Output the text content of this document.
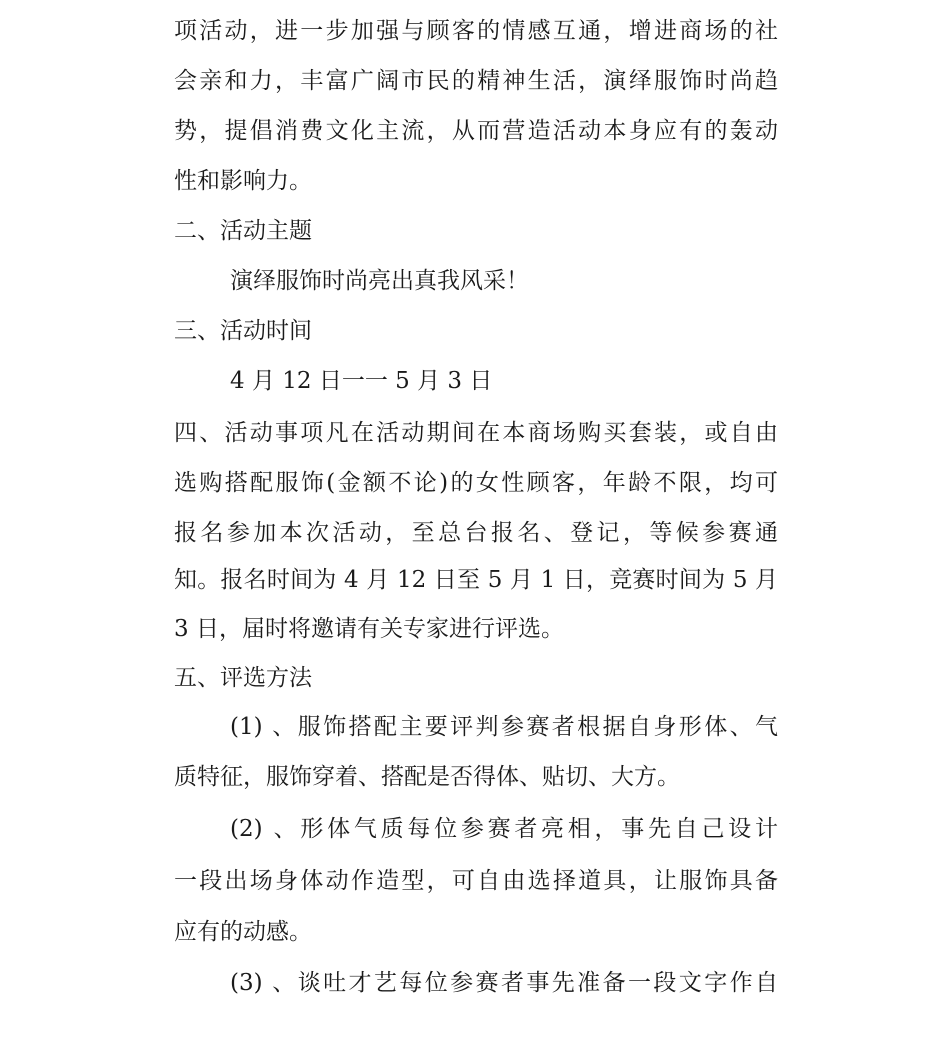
项活动，进一步加强与顾客的情感互通，增进商场的社
会亲和力，丰富广阔市民的精神生活，演绎服饰时尚趋
势，提倡消费文化主流，从而营造活动本身应有的轰动
性和影响力。
二、活动主题
演绎服饰时尚亮出真我风采！
三、活动时间
4 月 12 日一一 5 月 3 日
四、活动事项凡在活动期间在本商场购买套装，或自由
选购搭配服饰(金额不论)的女性顾客，年龄不限，均可
报名参加本次活动，至总台报名、登记，等候参赛通
知。报名时间为 4 月 12 日至 5 月 1 日，竞赛时间为 5 月
3 日，届时将邀请有关专家进行评选。
五、评选方法
(1) 、服饰搭配主要评判参赛者根据自身形体、气
质特征，服饰穿着、搭配是否得体、贴切、大方。
(2) 、形体气质每位参赛者亮相，事先自己设计
一段出场身体动作造型，可自由选择道具，让服饰具备
应有的动感。
(3) 、谈吐才艺每位参赛者事先准备一段文字作自
